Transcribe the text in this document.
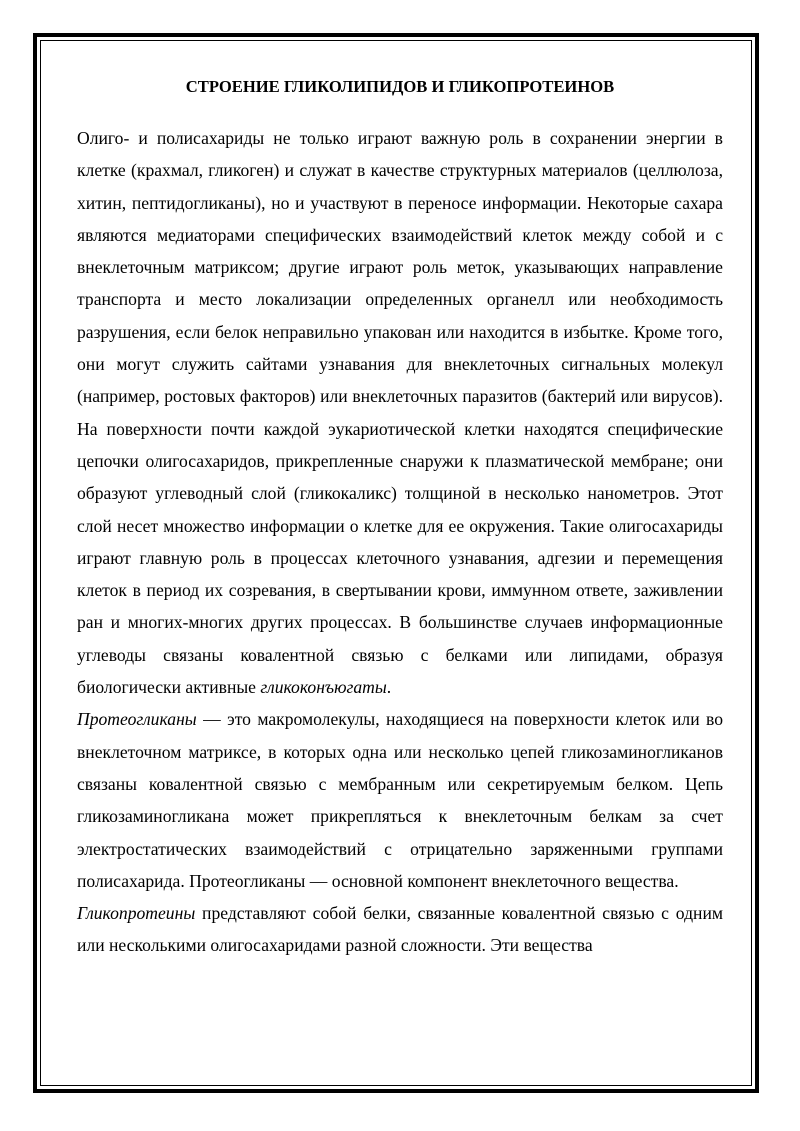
СТРОЕНИЕ ГЛИКОЛИПИДОВ И ГЛИКОПРОТЕИНОВ

Олиго- и полисахариды не только играют важную роль в сохранении энергии в клетке (крахмал, гликоген) и служат в качестве структурных материалов (целлюлоза, хитин, пептидогликаны), но и участвуют в переносе информации. Некоторые сахара являются медиаторами специфических взаимодействий клеток между собой и с внеклеточным матриксом; другие играют роль меток, указывающих направление транспорта и место локализации определенных органелл или необходимость разрушения, если белок неправильно упакован или находится в избытке. Кроме того, они могут служить сайтами узнавания для внеклеточных сигнальных молекул (например, ростовых факторов) или внеклеточных паразитов (бактерий или вирусов). На поверхности почти каждой эукариотической клетки находятся специфические цепочки олигосахаридов, прикрепленные снаружи к плазматической мембране; они образуют углеводный слой (гликокаликс) толщиной в несколько нанометров. Этот слой несет множество информации о клетке для ее окружения. Такие олигосахариды играют главную роль в процессах клеточного узнавания, адгезии и перемещения клеток в период их созревания, в свертывании крови, иммунном ответе, заживлении ран и многих-многих других процессах. В большинстве случаев информационные углеводы связаны ковалентной связью с белками или липидами, образуя биологически активные гликоконъюгаты.

Протеогликаны — это макромолекулы, находящиеся на поверхности клеток или во внеклеточном матриксе, в которых одна или несколько цепей гликозаминогликанов связаны ковалентной связью с мембранным или секретируемым белком. Цепь гликозаминогликана может прикрепляться к внеклеточным белкам за счет электростатических взаимодействий с отрицательно заряженными группами полисахарида. Протеогликаны — основной компонент внеклеточного вещества.

Гликопротеины представляют собой белки, связанные ковалентной связью с одним или несколькими олигосахаридами разной сложности. Эти вещества
